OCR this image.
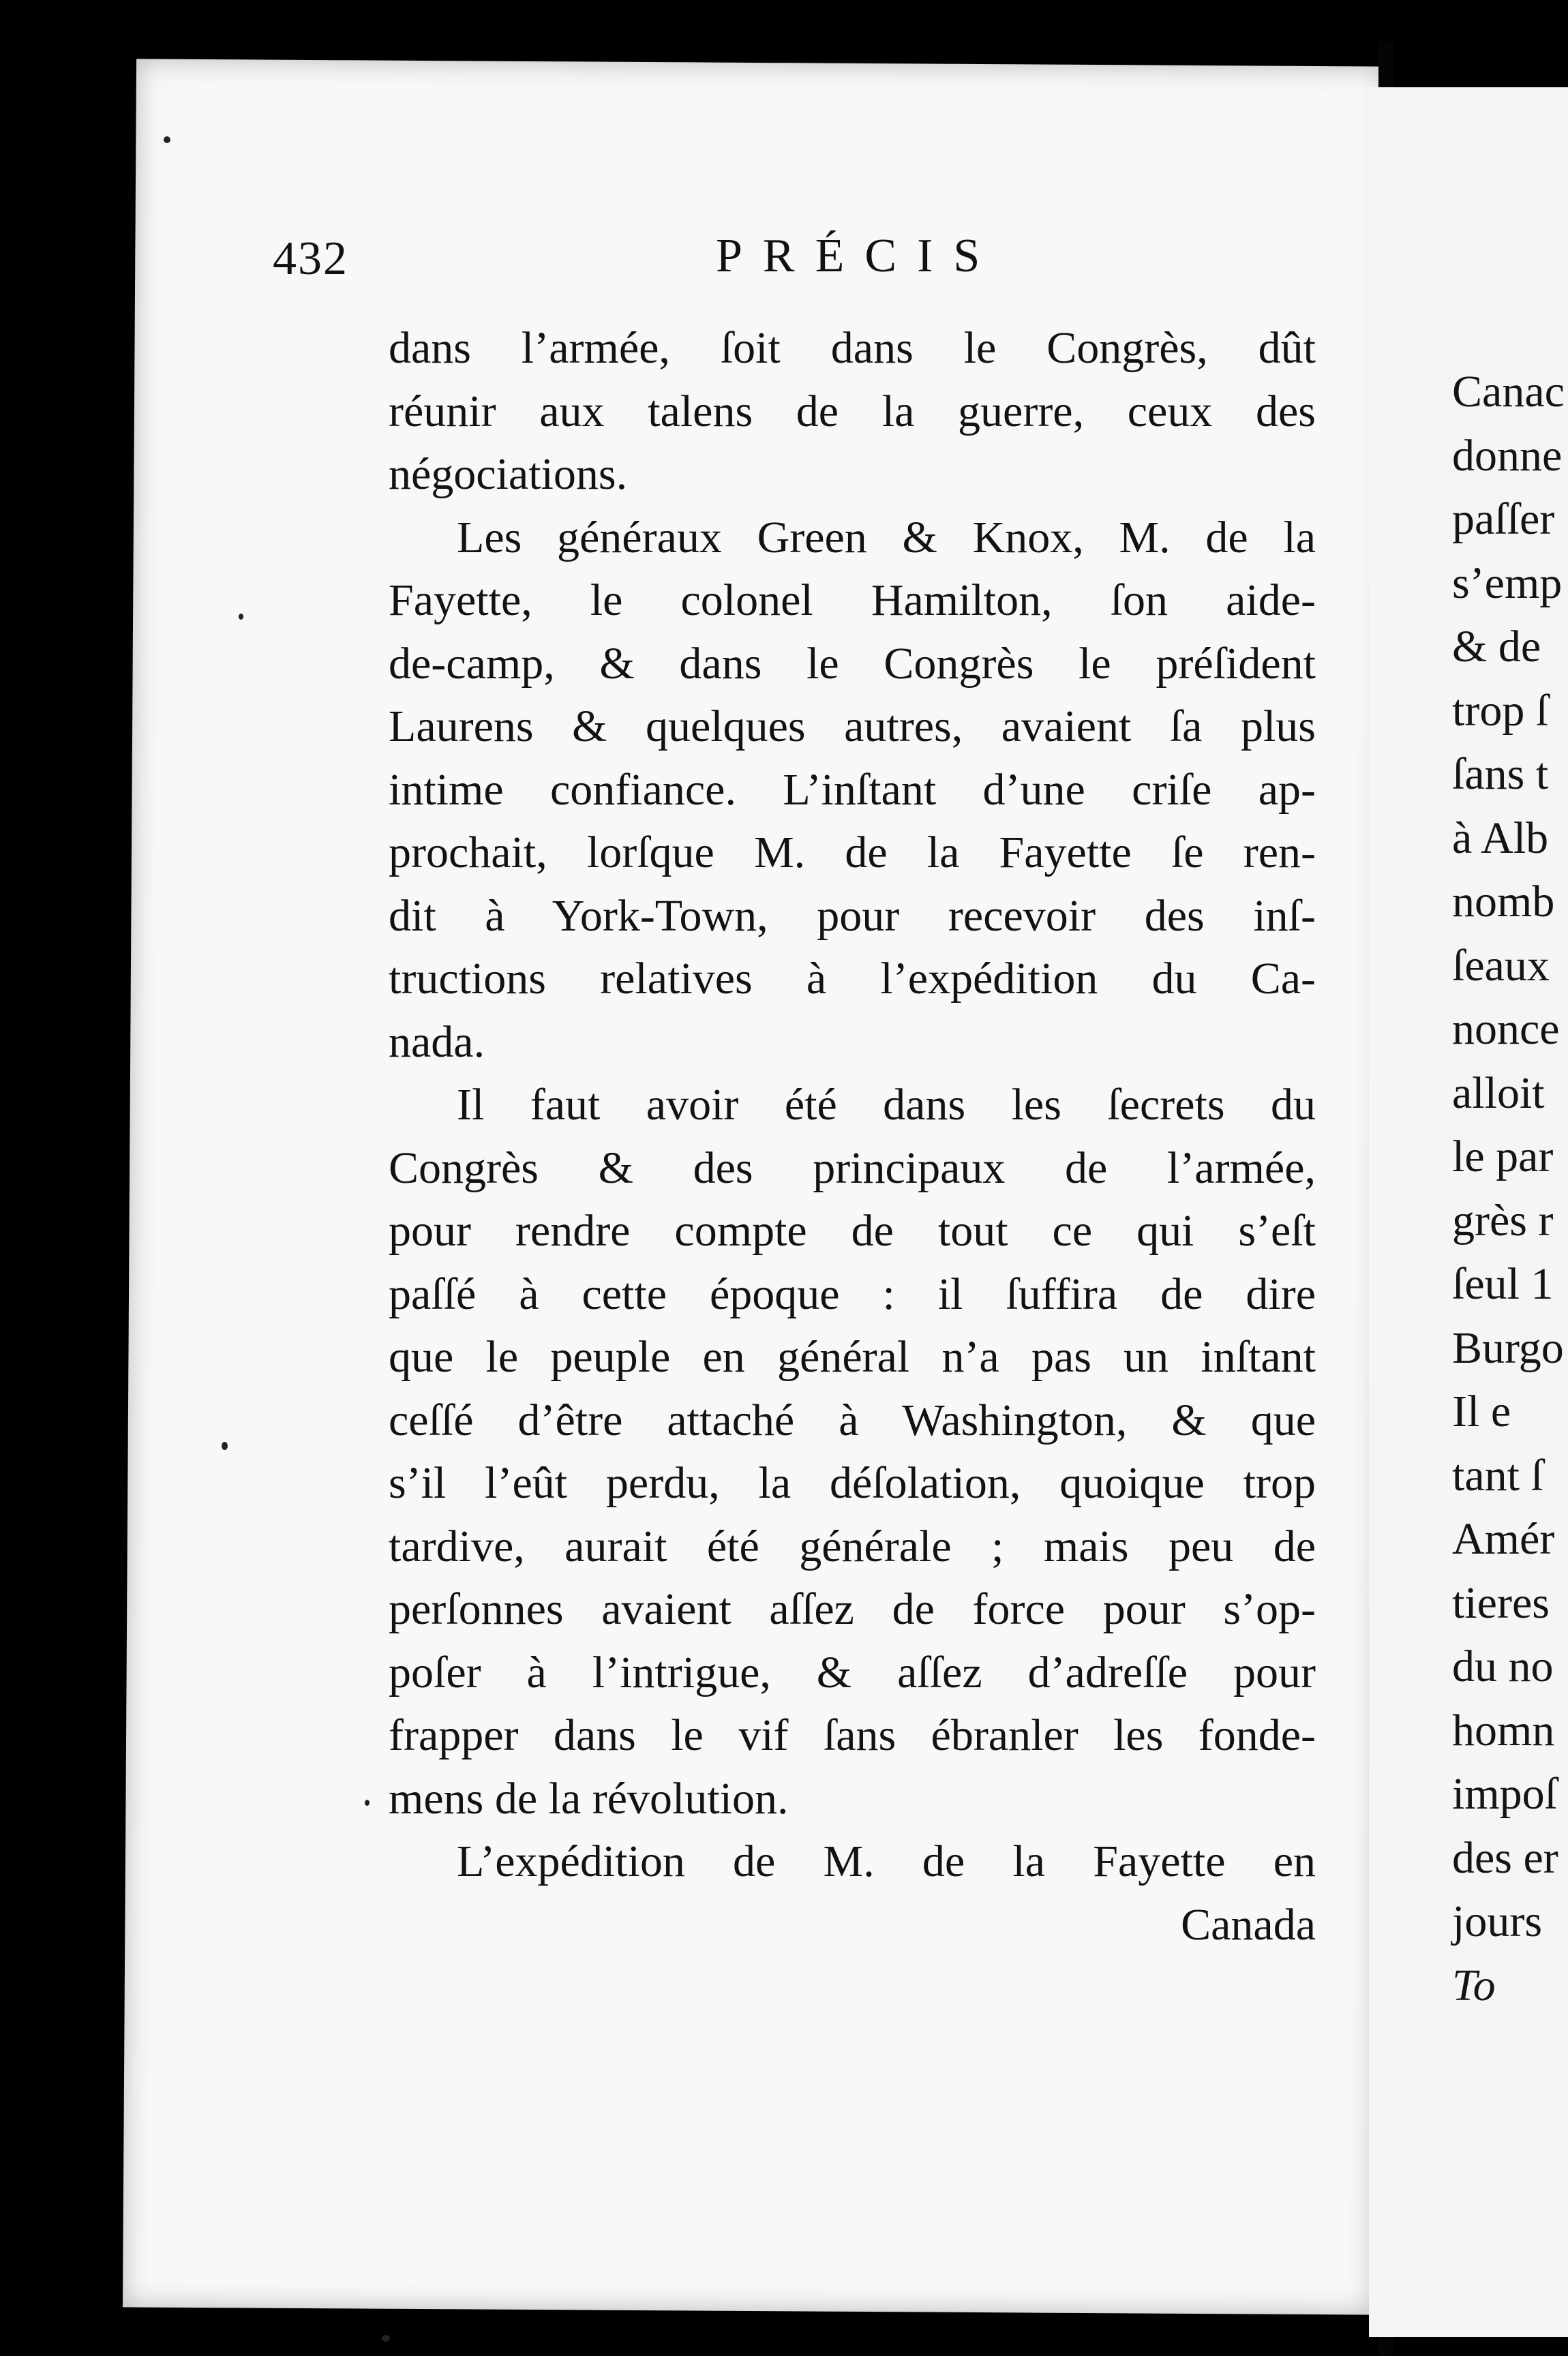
432	PRÉCIS
dans l’armée, ſoit dans le Congrès, dût
réunir aux talens de la guerre, ceux des
négociations.
Les généraux Green & Knox, M. de la
Fayette, le colonel Hamilton, ſon aide-
de-camp, & dans le Congrès le préſident
Laurens & quelques autres, avaient ſa plus
intime confiance. L’inſtant d’une criſe ap-
prochait, lorſque M. de la Fayette ſe ren-
dit à York-Town, pour recevoir des inſ-
tructions relatives à l’expédition du Ca-
nada.
Il faut avoir été dans les ſecrets du
Congrès & des principaux de l’armée,
pour rendre compte de tout ce qui s’eſt
paſſé à cette époque : il ſuffira de dire
que le peuple en général n’a pas un inſtant
ceſſé d’être attaché à Washington, & que
s’il l’eût perdu, la déſolation, quoique trop
tardive, aurait été générale ; mais peu de
perſonnes avaient aſſez de force pour s’op-
poſer à l’intrigue, & aſſez d’adreſſe pour
frapper dans le vif ſans ébranler les fonde-
mens de la révolution.
L’expédition de M. de la Fayette en
Canada
Canac
donne
paſſer
s’emp
& de
trop ſ
ſans t
à Alb
nomb
ſeaux
nonce
alloit
le par
grès r
ſeul 1
Burgo
Il e
tant ſ
Amér
tieres
du no
homn
impoſ
des er
jours
To
